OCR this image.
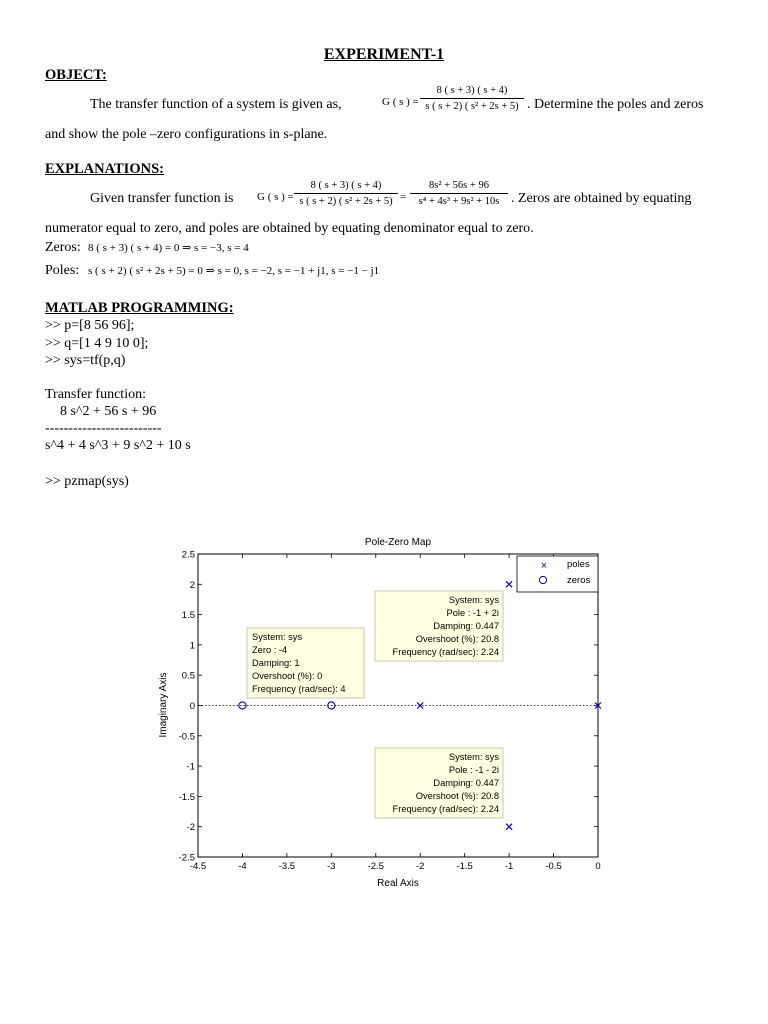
EXPERIMENT-1
OBJECT:
The transfer function of a system is given as,	G ( s ) = $\frac{8 ( s + 3) ( s + 4)}{\text{s ( s + 2) ( s² + 2s + 5)}}$ . Determine the poles and zeros
and show the pole –zero configurations in s-plane.
EXPLANATIONS:
Given transfer function is G ( s ) = $\frac{8 ( s + 3) ( s + 4)}{\text{s ( s + 2) ( s² + 2s + 5)}} = \frac{\text{8s² + 56s + 96}}{\text{s⁴ + 4s³ + 9s² + 10s}}$ . Zeros are obtained by equating
numerator equal to zero, and poles are obtained by equating denominator equal to zero.
Zeros: 8 ( s + 3) ( s + 4) = 0 ⇒ s = −3, s = 4
Poles: s ( s + 2) ( s² + 2s + 5) = 0 ⇒ s = 0, s = −2, s = −1 + j1, s = −1 − j1
MATLAB PROGRAMMING:
>> p=[8 56 96];
>> q=[1 4 9 10 0];
>> sys=tf(p,q)
Transfer function:
8 s^2 + 56 s + 96
-------------------------
s^4 + 4 s^3 + 9 s^2 + 10 s
>> pzmap(sys)
Pole-Zero Map
-4.5	-4	-3.5	-3	-2.5	-2	-1.5	-1	-0.5	0
2.5
2
1.5
1
0.5
0
-0.5
-1
-1.5
-2
-2.5
System: sys
Zero : -4
Damping: 1
Overshoot (%): 0
Frequency (rad/sec): 4
System: sys
Pole : -1 + 2i
Damping: 0.447
Overshoot (%): 20.8
Frequency (rad/sec): 2.24
System: sys
Pole : -1 - 2i
Damping: 0.447
Overshoot (%): 20.8
Frequency (rad/sec): 2.24
× poles
zeros
Real Axis
Imaginary Axis
